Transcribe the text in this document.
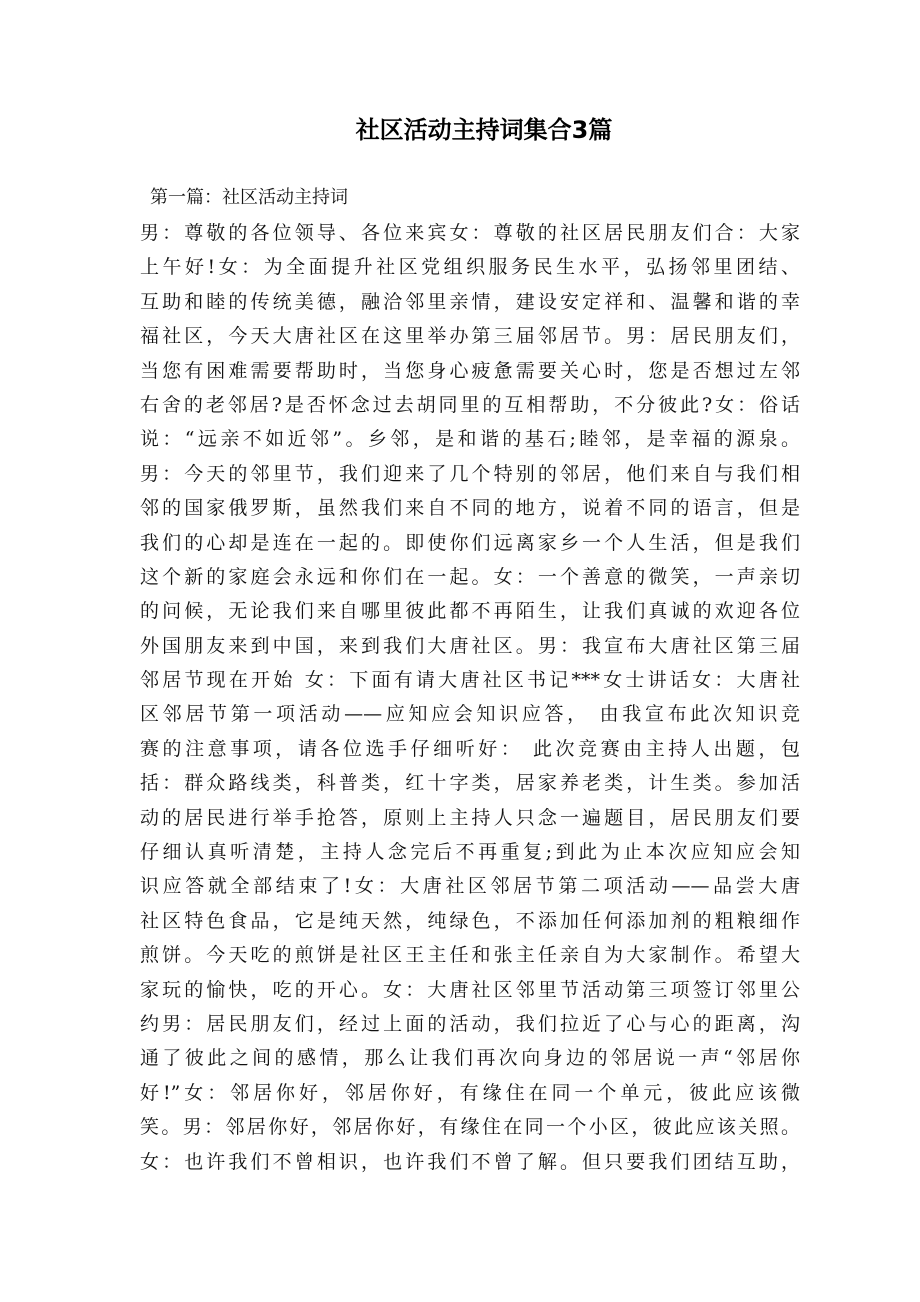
社区活动主持词集合3篇
第一篇：社区活动主持词
男：尊敬的各位领导、各位来宾女：尊敬的社区居民朋友们合：大家
上午好!女：为全面提升社区党组织服务民生水平，弘扬邻里团结、
互助和睦的传统美德，融洽邻里亲情，建设安定祥和、温馨和谐的幸
福社区，今天大唐社区在这里举办第三届邻居节。男：居民朋友们，
当您有困难需要帮助时，当您身心疲惫需要关心时，您是否想过左邻
右舍的老邻居?是否怀念过去胡同里的互相帮助，不分彼此?女：俗话
说：“远亲不如近邻”。乡邻，是和谐的基石;睦邻，是幸福的源泉。
男：今天的邻里节，我们迎来了几个特别的邻居，他们来自与我们相
邻的国家俄罗斯，虽然我们来自不同的地方，说着不同的语言，但是
我们的心却是连在一起的。即使你们远离家乡一个人生活，但是我们
这个新的家庭会永远和你们在一起。女：一个善意的微笑，一声亲切
的问候，无论我们来自哪里彼此都不再陌生，让我们真诚的欢迎各位
外国朋友来到中国，来到我们大唐社区。男：我宣布大唐社区第三届
邻居节现在开始 女：下面有请大唐社区书记***女士讲话女：大唐社
区邻居节第一项活动——应知应会知识应答， 由我宣布此次知识竞
赛的注意事项，请各位选手仔细听好： 此次竞赛由主持人出题，包
括：群众路线类，科普类，红十字类，居家养老类，计生类。参加活
动的居民进行举手抢答，原则上主持人只念一遍题目，居民朋友们要
仔细认真听清楚，主持人念完后不再重复;到此为止本次应知应会知
识应答就全部结束了!女：大唐社区邻居节第二项活动——品尝大唐
社区特色食品，它是纯天然，纯绿色，不添加任何添加剂的粗粮细作
煎饼。今天吃的煎饼是社区王主任和张主任亲自为大家制作。希望大
家玩的愉快，吃的开心。女：大唐社区邻里节活动第三项签订邻里公
约男：居民朋友们，经过上面的活动，我们拉近了心与心的距离，沟
通了彼此之间的感情，那么让我们再次向身边的邻居说一声“邻居你
好!”女：邻居你好，邻居你好，有缘住在同一个单元，彼此应该微
笑。男：邻居你好，邻居你好，有缘住在同一个小区，彼此应该关照。
女：也许我们不曾相识，也许我们不曾了解。但只要我们团结互助，
